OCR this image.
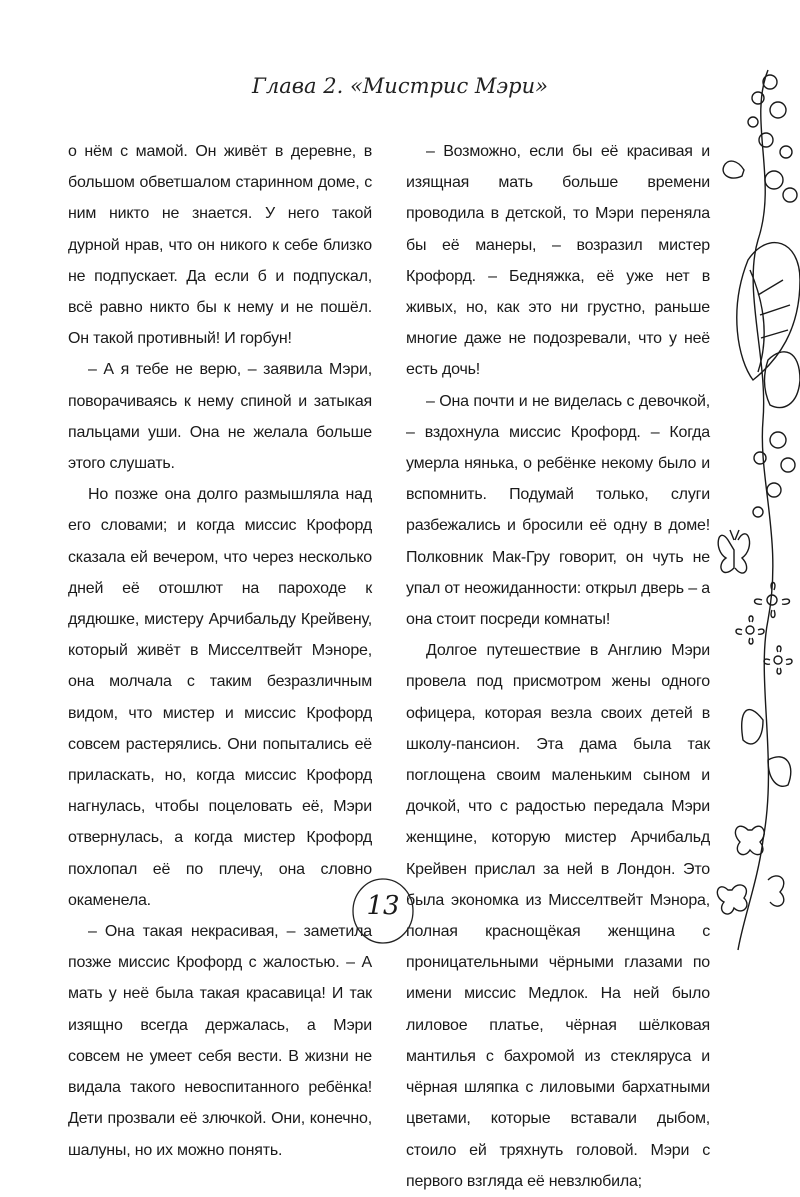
Глава 2. «Мистрис Мэри»

о нём с мамой. Он живёт в деревне, в большом обветшалом старинном доме, с ним никто не знается. У него такой дурной нрав, что он никого к себе близко не подпускает. Да если б и подпускал, всё равно никто бы к нему и не пошёл. Он такой противный! И горбун!

– А я тебе не верю, – заявила Мэри, поворачиваясь к нему спиной и затыкая пальцами уши. Она не желала больше этого слушать.

Но позже она долго размышляла над его словами; и когда миссис Крофорд сказала ей вечером, что через несколько дней её отошлют на пароходе к дядюшке, мистеру Арчибальду Крейвену, который живёт в Мисселтвейт Мэноре, она молчала с таким безразличным видом, что мистер и миссис Крофорд совсем растерялись. Они попытались её приласкать, но, когда миссис Крофорд нагнулась, чтобы поцеловать её, Мэри отвернулась, а когда мистер Крофорд похлопал её по плечу, она словно окаменела.

– Она такая некрасивая, – заметила позже миссис Крофорд с жалостью. – А мать у неё была такая красавица! И так изящно всегда держалась, а Мэри совсем не умеет себя вести. В жизни не видала такого невоспитанного ребёнка! Дети прозвали её злючкой. Они, конечно, шалуны, но их можно понять.

– Возможно, если бы её красивая и изящная мать больше времени проводила в детской, то Мэри переняла бы её манеры, – возразил мистер Крофорд. – Бедняжка, её уже нет в живых, но, как это ни грустно, раньше многие даже не подозревали, что у неё есть дочь!

– Она почти и не виделась с девочкой, – вздохнула миссис Крофорд. – Когда умерла нянька, о ребёнке некому было и вспомнить. Подумай только, слуги разбежались и бросили её одну в доме! Полковник Мак-Гру говорит, он чуть не упал от неожиданности: открыл дверь – а она стоит посреди комнаты!

Долгое путешествие в Англию Мэри провела под присмотром жены одного офицера, которая везла своих детей в школу-пансион. Эта дама была так поглощена своим маленьким сыном и дочкой, что с радостью передала Мэри женщине, которую мистер Арчибальд Крейвен прислал за ней в Лондон. Это была экономка из Мисселтвейт Мэнора, полная краснощёкая женщина с проницательными чёрными глазами по имени миссис Медлок. На ней было лиловое платье, чёрная шёлковая мантилья с бахромой из стекляруса и чёрная шляпка с лиловыми бархатными цветами, которые вставали дыбом, стоило ей тряхнуть головой. Мэри с первого взгляда её невзлюбила;

13
